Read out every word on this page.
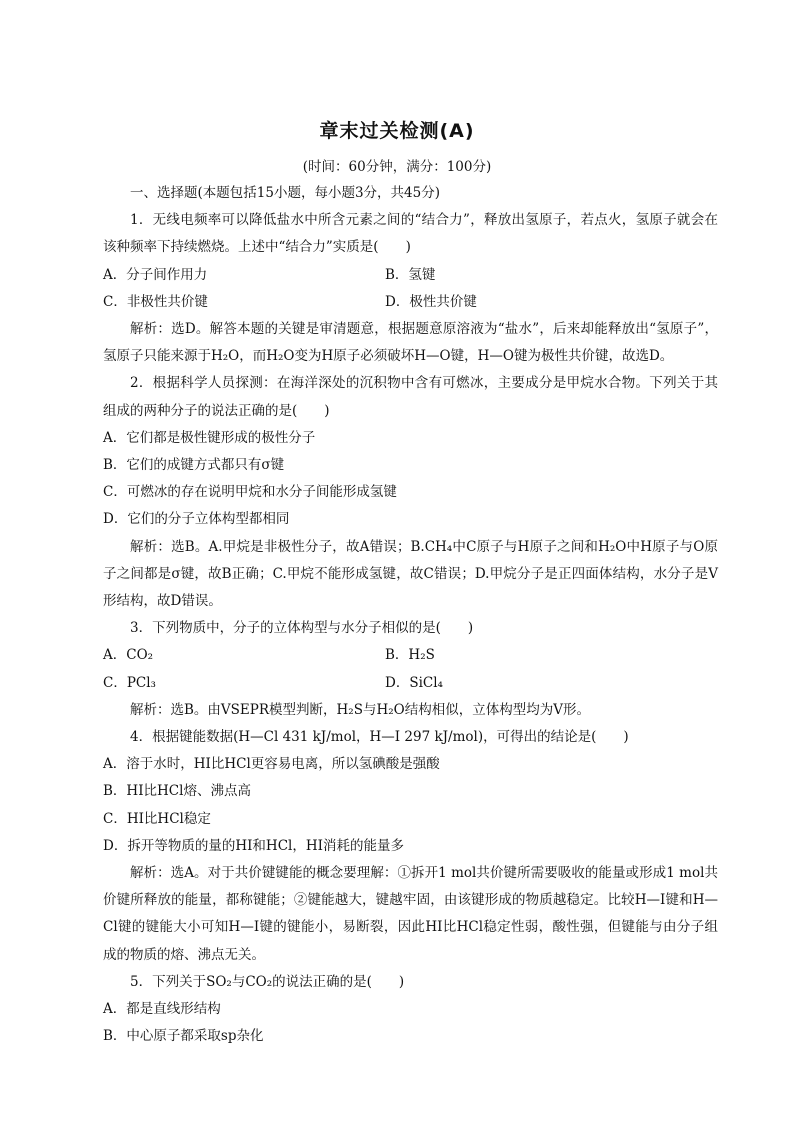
章末过关检测(A)
(时间：60分钟，满分：100分)
一、选择题(本题包括15小题，每小题3分，共45分)
1．无线电频率可以降低盐水中所含元素之间的“结合力”，释放出氢原子，若点火，氢原子就会在该种频率下持续燃烧。上述中“结合力”实质是(　　)
A．分子间作用力	B．氢键
C．非极性共价键	D．极性共价键
解析：选D。解答本题的关键是审清题意，根据题意原溶液为“盐水”，后来却能释放出“氢原子”，氢原子只能来源于H₂O，而H₂O变为H原子必须破坏H—O键，H—O键为极性共价键，故选D。
2．根据科学人员探测：在海洋深处的沉积物中含有可燃冰，主要成分是甲烷水合物。下列关于其组成的两种分子的说法正确的是(　　)
A．它们都是极性键形成的极性分子
B．它们的成键方式都只有σ键
C．可燃冰的存在说明甲烷和水分子间能形成氢键
D．它们的分子立体构型都相同
解析：选B。A.甲烷是非极性分子，故A错误；B.CH₄中C原子与H原子之间和H₂O中H原子与O原子之间都是σ键，故B正确；C.甲烷不能形成氢键，故C错误；D.甲烷分子是正四面体结构，水分子是V形结构，故D错误。
3．下列物质中，分子的立体构型与水分子相似的是(　　)
A．CO₂	B．H₂S
C．PCl₃	D．SiCl₄
解析：选B。由VSEPR模型判断，H₂S与H₂O结构相似，立体构型均为V形。
4．根据键能数据(H—Cl 431 kJ/mol，H—I 297 kJ/mol)，可得出的结论是(　　)
A．溶于水时，HI比HCl更容易电离，所以氢碘酸是强酸
B．HI比HCl熔、沸点高
C．HI比HCl稳定
D．拆开等物质的量的HI和HCl，HI消耗的能量多
解析：选A。对于共价键键能的概念要理解：①拆开1 mol共价键所需要吸收的能量或形成1 mol共价键所释放的能量，都称键能；②键能越大，键越牢固，由该键形成的物质越稳定。比较H—I键和H—Cl键的键能大小可知H—I键的键能小，易断裂，因此HI比HCl稳定性弱，酸性强，但键能与由分子组成的物质的熔、沸点无关。
5．下列关于SO₂与CO₂的说法正确的是(　　)
A．都是直线形结构
B．中心原子都采取sp杂化
